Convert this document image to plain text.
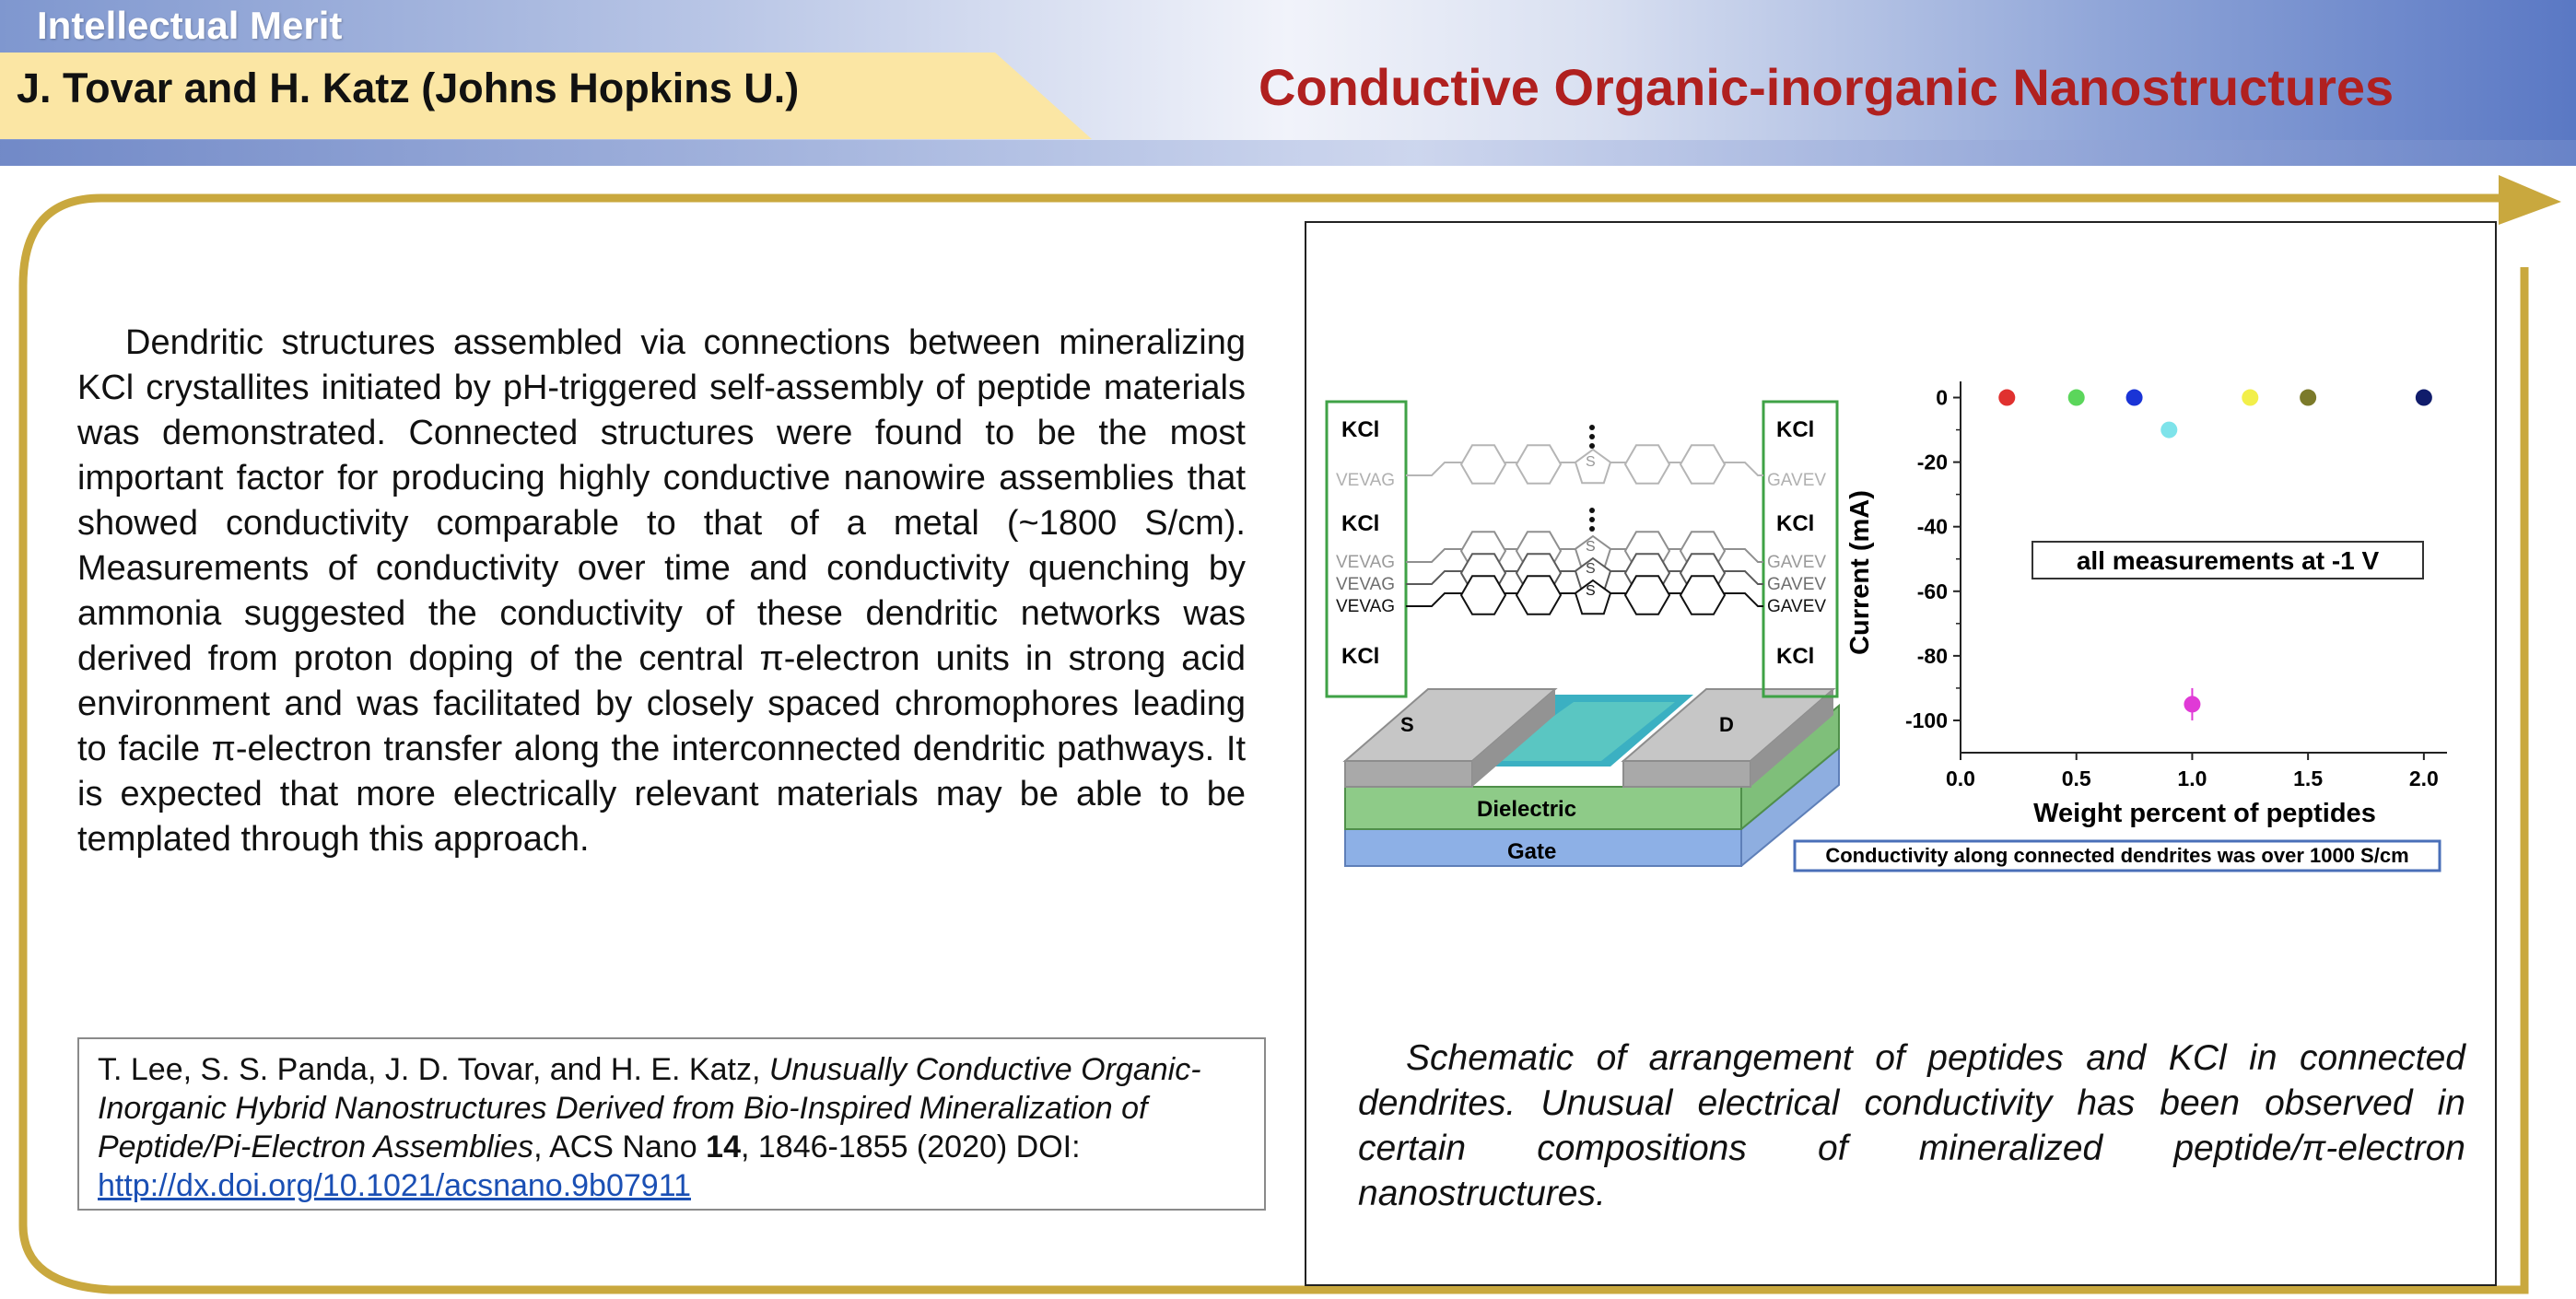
Intellectual Merit
J. Tovar and H. Katz (Johns Hopkins U.)	Conductive Organic-inorganic Nanostructures
Dendritic structures assembled via connections between mineralizing KCl crystallites initiated by pH-triggered self-assembly of peptide materials was demonstrated. Connected structures were found to be the most important factor for producing highly conductive nanowire assemblies that showed conductivity comparable to that of a metal (~1800 S/cm). Measurements of conductivity over time and conductivity quenching by ammonia suggested the conductivity of these dendritic networks was derived from proton doping of the central π-electron units in strong acid environment and was facilitated by closely spaced chromophores leading to facile π-electron transfer along the interconnected dendritic pathways. It is expected that more electrically relevant materials may be able to be templated through this approach.
T. Lee, S. S. Panda, J. D. Tovar, and H. E. Katz, Unusually Conductive Organic-Inorganic Hybrid Nanostructures Derived from Bio-Inspired Mineralization of Peptide/Pi-Electron Assemblies, ACS Nano 14, 1846-1855 (2020) DOI:
http://dx.doi.org/10.1021/acsnano.9b07911
S	D
Dielectric
Gate
KCl
VEVAG
KCl
VEVAG
VEVAG
VEVAG
KCl
KCl
GAVEV
KCl
GAVEV
GAVEV
GAVEV
KCl
S
S
S
S	Current (mA)
Weight percent of peptides
all measurements at -1 V
0.0	0.5	1.0	1.5	2.0
0
-20
-40
-60
-80
-100
Conductivity along connected dendrites was over 1000 S/cm
Schematic of arrangement of peptides and KCl in connected dendrites. Unusual electrical conductivity has been observed in certain compositions of mineralized peptide/π-electron nanostructures.
